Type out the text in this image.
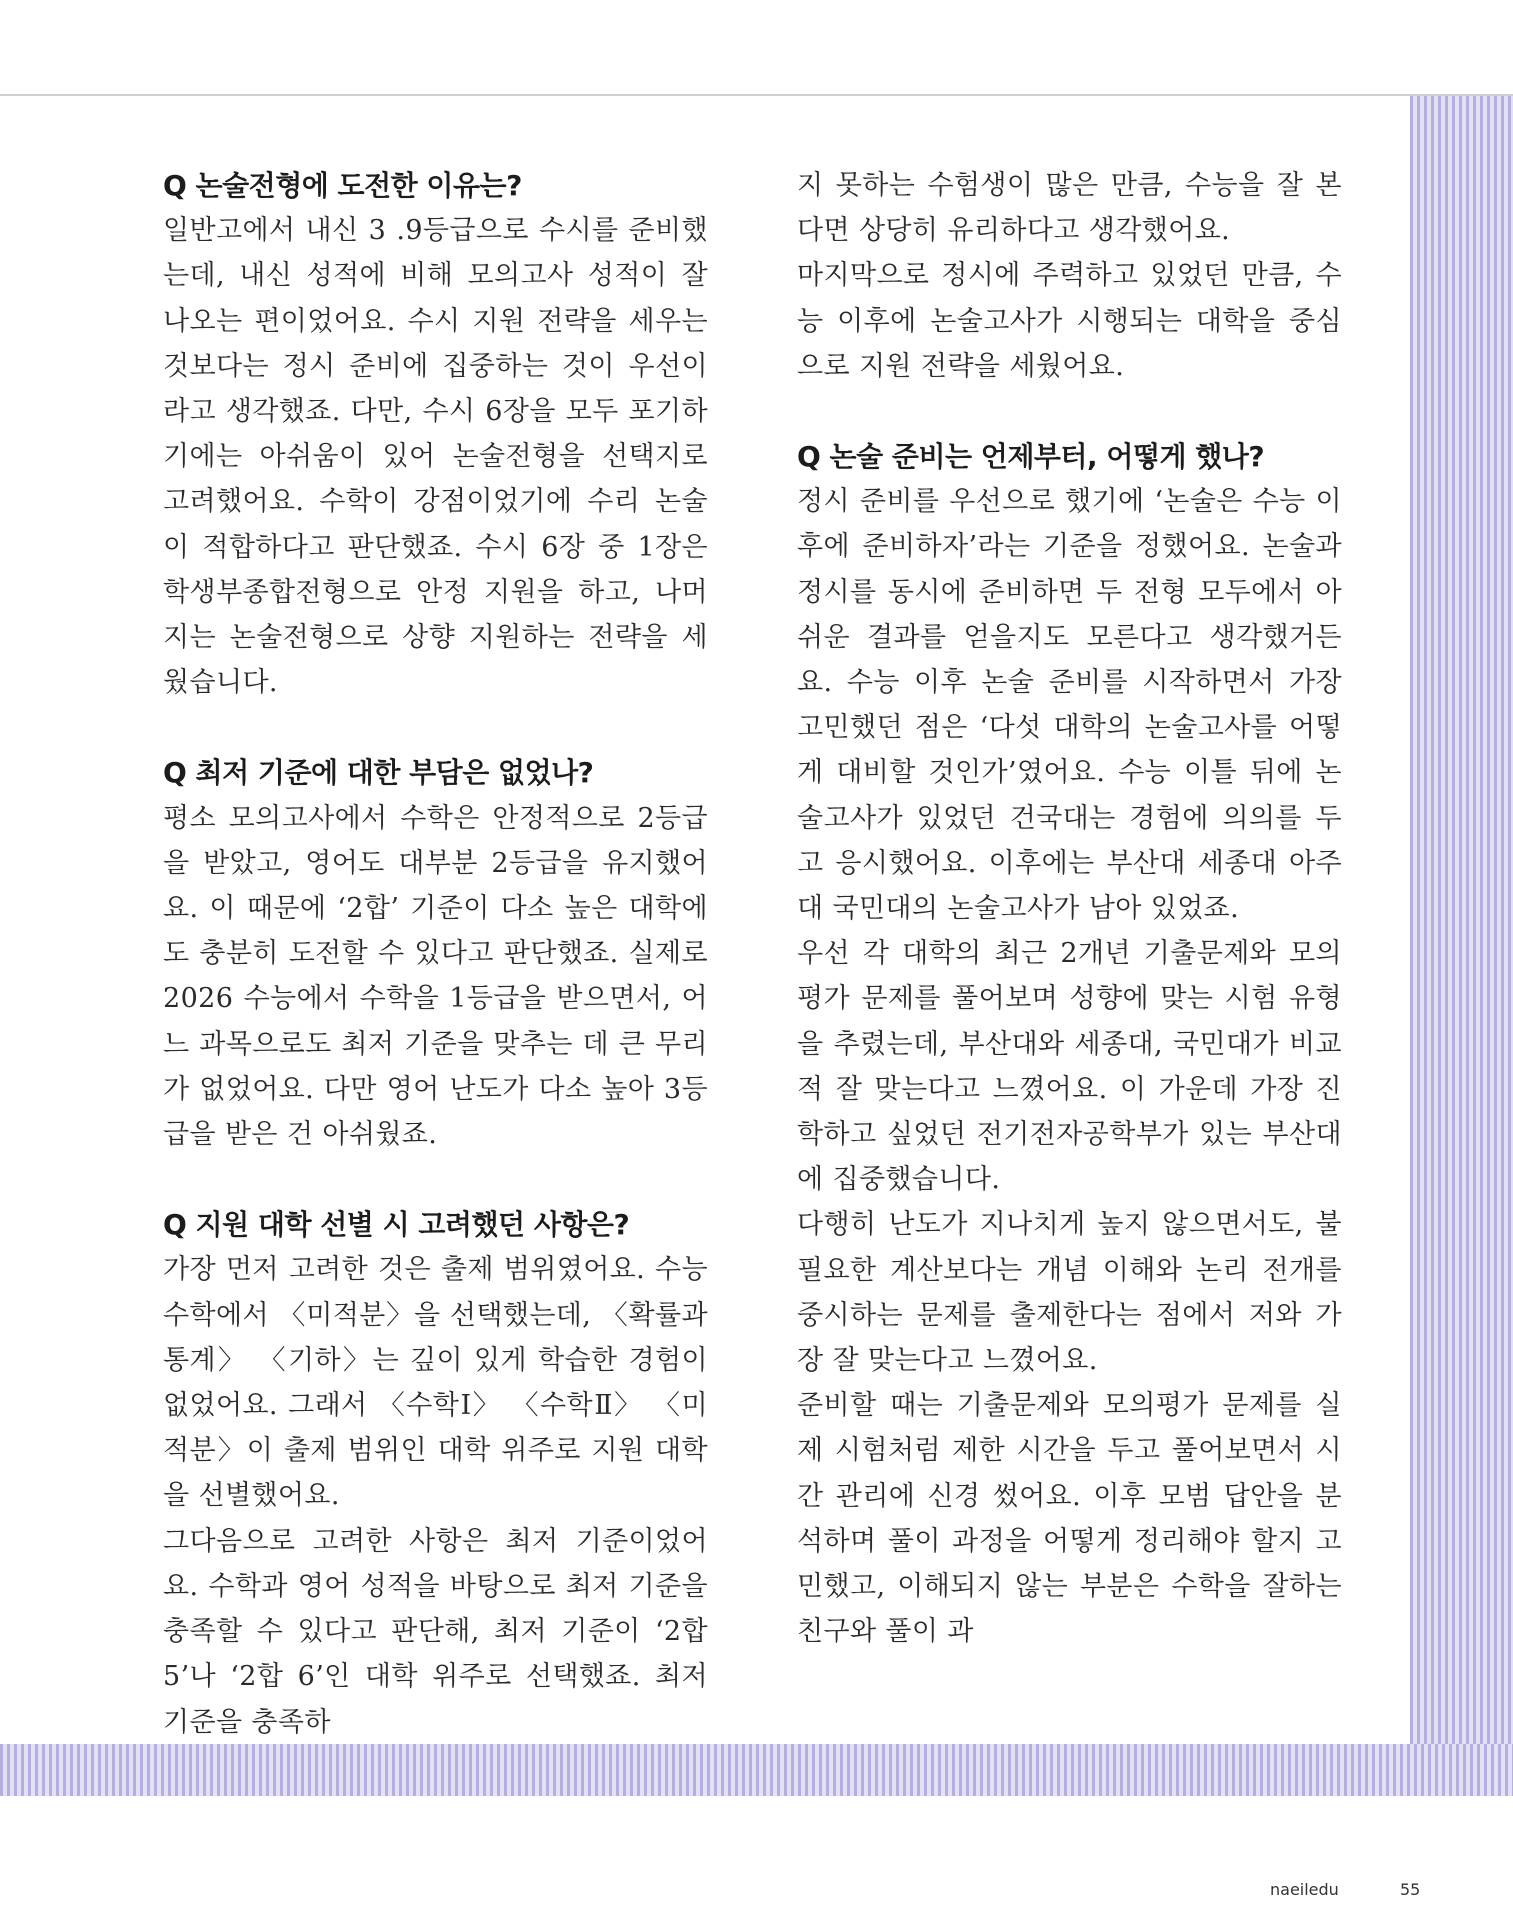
Q 논술전형에 도전한 이유는?

일반고에서 내신 3 .9등급으로 수시를 준비했는데, 내신 성적에 비해 모의고사 성적이 잘 나오는 편이었어요. 수시 지원 전략을 세우는 것보다는 정시 준비에 집중하는 것이 우선이라고 생각했죠. 다만, 수시 6장을 모두 포기하기에는 아쉬움이 있어 논술전형을 선택지로 고려했어요. 수학이 강점이었기에 수리 논술이 적합하다고 판단했죠. 수시 6장 중 1장은 학생부종합전형으로 안정 지원을 하고, 나머지는 논술전형으로 상향 지원하는 전략을 세웠습니다.

Q 최저 기준에 대한 부담은 없었나?

평소 모의고사에서 수학은 안정적으로 2등급을 받았고, 영어도 대부분 2등급을 유지했어요. 이 때문에 ‘2합’ 기준이 다소 높은 대학에도 충분히 도전할 수 있다고 판단했죠. 실제로 2026 수능에서 수학을 1등급을 받으면서, 어느 과목으로도 최저 기준을 맞추는 데 큰 무리가 없었어요. 다만 영어 난도가 다소 높아 3등급을 받은 건 아쉬웠죠.

Q 지원 대학 선별 시 고려했던 사항은?

가장 먼저 고려한 것은 출제 범위였어요. 수능 수학에서 〈미적분〉을 선택했는데, 〈확률과 통계〉 〈기하〉는 깊이 있게 학습한 경험이 없었어요. 그래서 〈수학Ⅰ〉 〈수학Ⅱ〉 〈미적분〉이 출제 범위인 대학 위주로 지원 대학을 선별했어요.

그다음으로 고려한 사항은 최저 기준이었어요. 수학과 영어 성적을 바탕으로 최저 기준을 충족할 수 있다고 판단해, 최저 기준이 ‘2합 5’나 ‘2합 6’인 대학 위주로 선택했죠. 최저 기준을 충족하

지 못하는 수험생이 많은 만큼, 수능을 잘 본다면 상당히 유리하다고 생각했어요.

마지막으로 정시에 주력하고 있었던 만큼, 수능 이후에 논술고사가 시행되는 대학을 중심으로 지원 전략을 세웠어요.

Q 논술 준비는 언제부터, 어떻게 했나?

정시 준비를 우선으로 했기에 ‘논술은 수능 이후에 준비하자’라는 기준을 정했어요. 논술과 정시를 동시에 준비하면 두 전형 모두에서 아쉬운 결과를 얻을지도 모른다고 생각했거든요. 수능 이후 논술 준비를 시작하면서 가장 고민했던 점은 ‘다섯 대학의 논술고사를 어떻게 대비할 것인가’였어요. 수능 이틀 뒤에 논술고사가 있었던 건국대는 경험에 의의를 두고 응시했어요. 이후에는 부산대 세종대 아주대 국민대의 논술고사가 남아 있었죠.

우선 각 대학의 최근 2개년 기출문제와 모의평가 문제를 풀어보며 성향에 맞는 시험 유형을 추렸는데, 부산대와 세종대, 국민대가 비교적 잘 맞는다고 느꼈어요. 이 가운데 가장 진학하고 싶었던 전기전자공학부가 있는 부산대에 집중했습니다.

다행히 난도가 지나치게 높지 않으면서도, 불필요한 계산보다는 개념 이해와 논리 전개를 중시하는 문제를 출제한다는 점에서 저와 가장 잘 맞는다고 느꼈어요.

준비할 때는 기출문제와 모의평가 문제를 실제 시험처럼 제한 시간을 두고 풀어보면서 시간 관리에 신경 썼어요. 이후 모범 답안을 분석하며 풀이 과정을 어떻게 정리해야 할지 고민했고, 이해되지 않는 부분은 수학을 잘하는 친구와 풀이 과

naeiledu	55
